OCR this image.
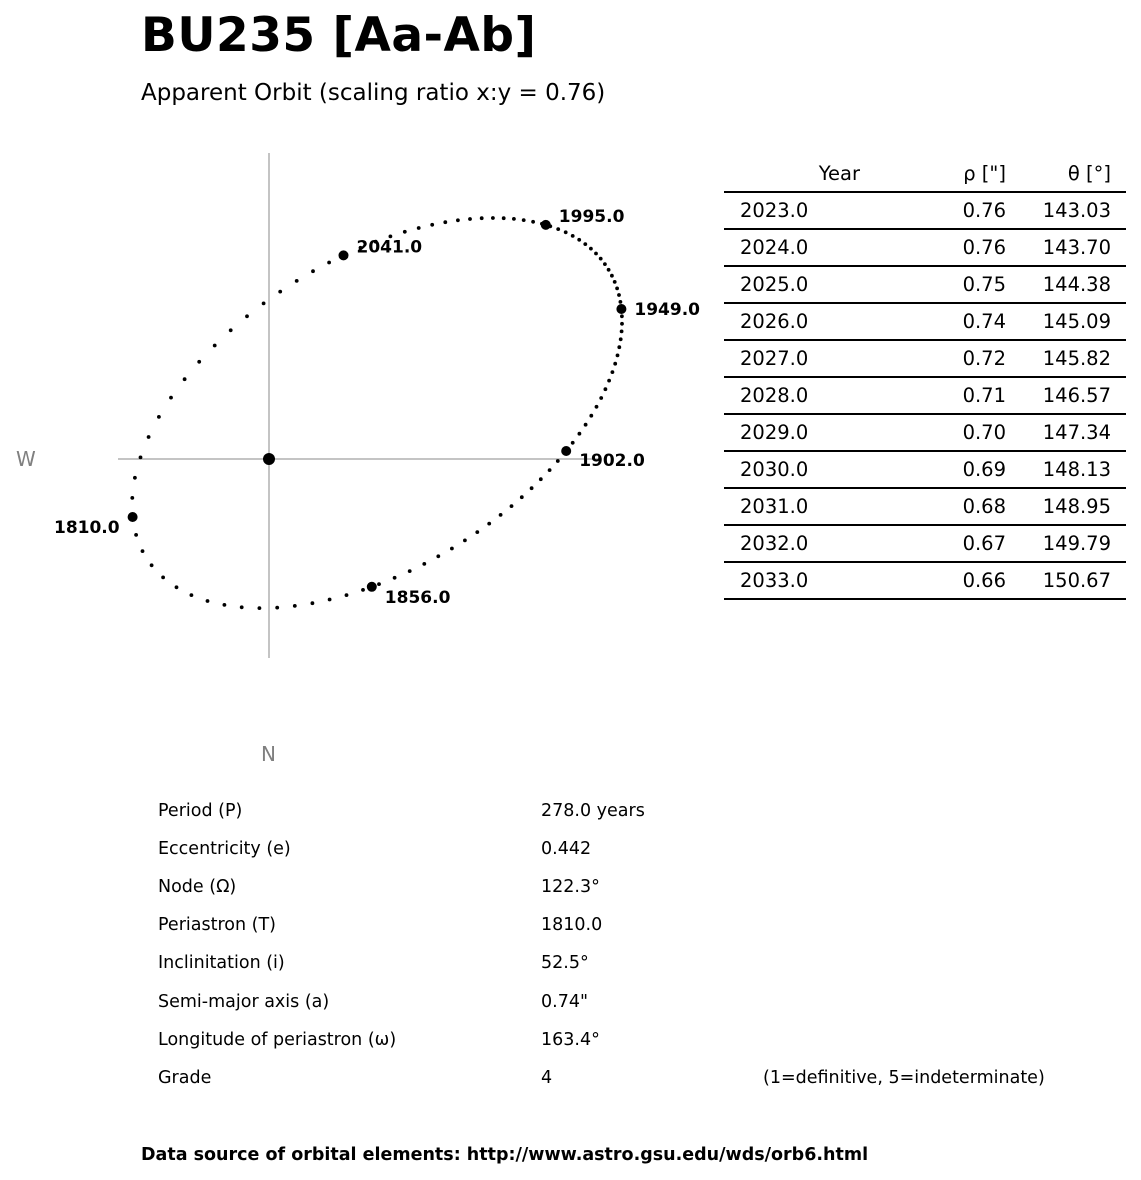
BU235 [Aa-Ab]
Apparent Orbit (scaling ratio x:y = 0.76)
1810.0
1856.0
1902.0
1949.0
1995.0
2041.0
W
N
Year	ρ ["]	θ [°]
2023.0	0.76	143.03
2024.0	0.76	143.70
2025.0	0.75	144.38
2026.0	0.74	145.09
2027.0	0.72	145.82
2028.0	0.71	146.57
2029.0	0.70	147.34
2030.0	0.69	148.13
2031.0	0.68	148.95
2032.0	0.67	149.79
2033.0	0.66	150.67
Period (P)	278.0 years
Eccentricity (e)	0.442
Node (Ω)	122.3°
Periastron (T)	1810.0
Inclinitation (i)	52.5°
Semi-major axis (a)	0.74"
Longitude of periastron (ω)	163.4°
Grade	4	(1=definitive, 5=indeterminate)
Data source of orbital elements: http://www.astro.gsu.edu/wds/orb6.html
